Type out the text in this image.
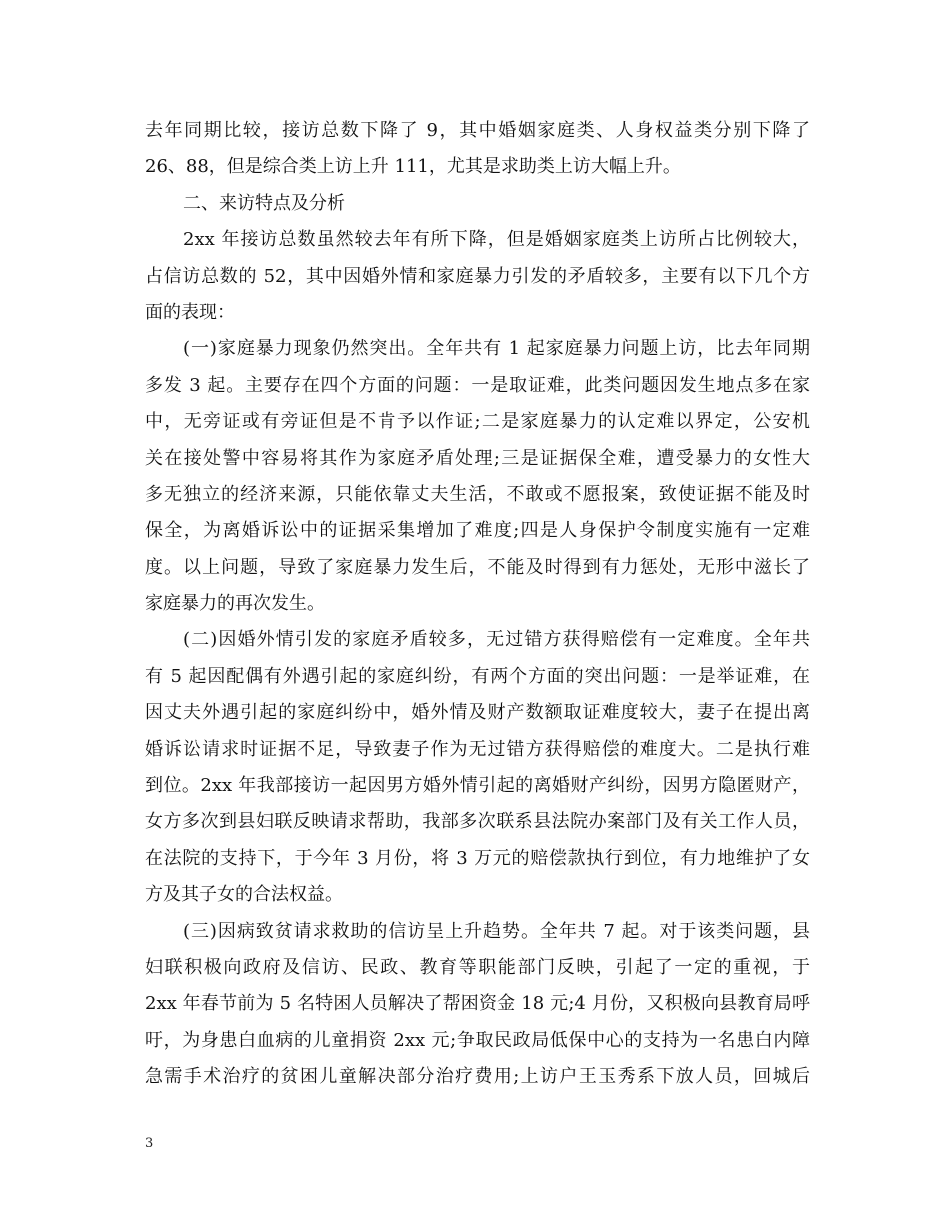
去年同期比较，接访总数下降了 9，其中婚姻家庭类、人身权益类分别下降了
26、88，但是综合类上访上升 111，尤其是求助类上访大幅上升。
二、来访特点及分析
2xx 年接访总数虽然较去年有所下降，但是婚姻家庭类上访所占比例较大，
占信访总数的 52，其中因婚外情和家庭暴力引发的矛盾较多，主要有以下几个方
面的表现：
(一)家庭暴力现象仍然突出。全年共有 1 起家庭暴力问题上访，比去年同期
多发 3 起。主要存在四个方面的问题：一是取证难，此类问题因发生地点多在家
中，无旁证或有旁证但是不肯予以作证;二是家庭暴力的认定难以界定，公安机
关在接处警中容易将其作为家庭矛盾处理;三是证据保全难，遭受暴力的女性大
多无独立的经济来源，只能依靠丈夫生活，不敢或不愿报案，致使证据不能及时
保全，为离婚诉讼中的证据采集增加了难度;四是人身保护令制度实施有一定难
度。以上问题，导致了家庭暴力发生后，不能及时得到有力惩处，无形中滋长了
家庭暴力的再次发生。
(二)因婚外情引发的家庭矛盾较多，无过错方获得赔偿有一定难度。全年共
有 5 起因配偶有外遇引起的家庭纠纷，有两个方面的突出问题：一是举证难，在
因丈夫外遇引起的家庭纠纷中，婚外情及财产数额取证难度较大，妻子在提出离
婚诉讼请求时证据不足，导致妻子作为无过错方获得赔偿的难度大。二是执行难
到位。2xx 年我部接访一起因男方婚外情引起的离婚财产纠纷，因男方隐匿财产，
女方多次到县妇联反映请求帮助，我部多次联系县法院办案部门及有关工作人员，
在法院的支持下，于今年 3 月份，将 3 万元的赔偿款执行到位，有力地维护了女
方及其子女的合法权益。
(三)因病致贫请求救助的信访呈上升趋势。全年共 7 起。对于该类问题，县
妇联积极向政府及信访、民政、教育等职能部门反映，引起了一定的重视，于
2xx 年春节前为 5 名特困人员解决了帮困资金 18 元;4 月份，又积极向县教育局呼
吁，为身患白血病的儿童捐资 2xx 元;争取民政局低保中心的支持为一名患白内障
急需手术治疗的贫困儿童解决部分治疗费用;上访户王玉秀系下放人员，回城后
3
